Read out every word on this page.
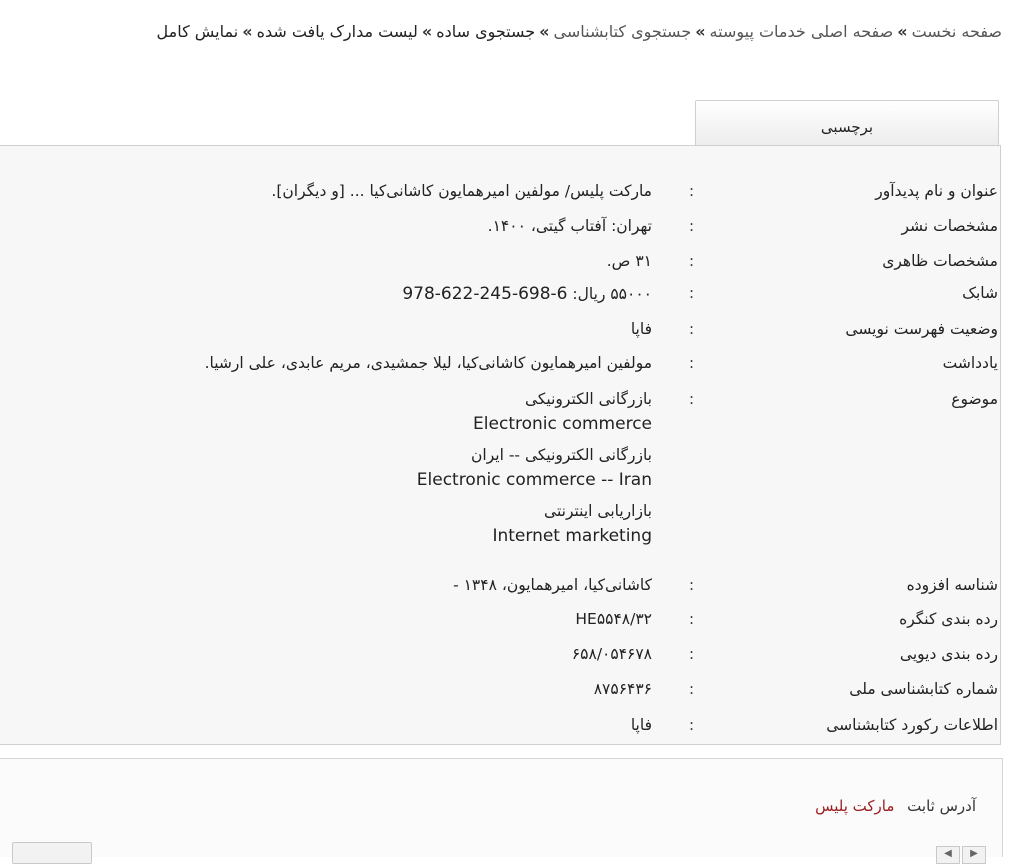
صفحه نخست»صفحه اصلی خدمات پیوسته»جستجوی کتابشناسی»جستجوی ساده»لیست مدارک یافت شده»نمایش کامل
برچسبی
عنوان و نام پدیدآور
:
مارکت پلیس/ مولفین امیرهمایون کاشانی‌کیا ... [و دیگران].
مشخصات نشر
:
تهران: آفتاب گیتی، ۱۴۰۰.
مشخصات ظاهری
:
۳۱ ص.
شابک
:
۵۵۰۰۰ ریال: 978-622-245-698-6
وضعیت فهرست نویسی
:
فاپا
یادداشت
:
مولفین امیرهمایون کاشانی‌کیا، لیلا جمشیدی، مریم عابدی، علی ارشیا.
موضوع
:
بازرگانی الکترونیکی
Electronic commerce
بازرگانی الکترونیکی -- ایران
Electronic commerce -- Iran
بازاریابی اینترنتی
Internet marketing
شناسه افزوده
:
کاشانی‌کیا، امیرهمایون، ۱۳۴۸ -
رده بندی کنگره
:
HE۵۵۴۸/۳۲
رده بندی دیویی
:
۶۵۸/۰۵۴۶۷۸
شماره کتابشناسی ملی
:
۸۷۵۶۴۳۶
اطلاعات رکورد کتابشناسی
:
فاپا
آدرس ثابت مارکت پلیس
◀	▶
